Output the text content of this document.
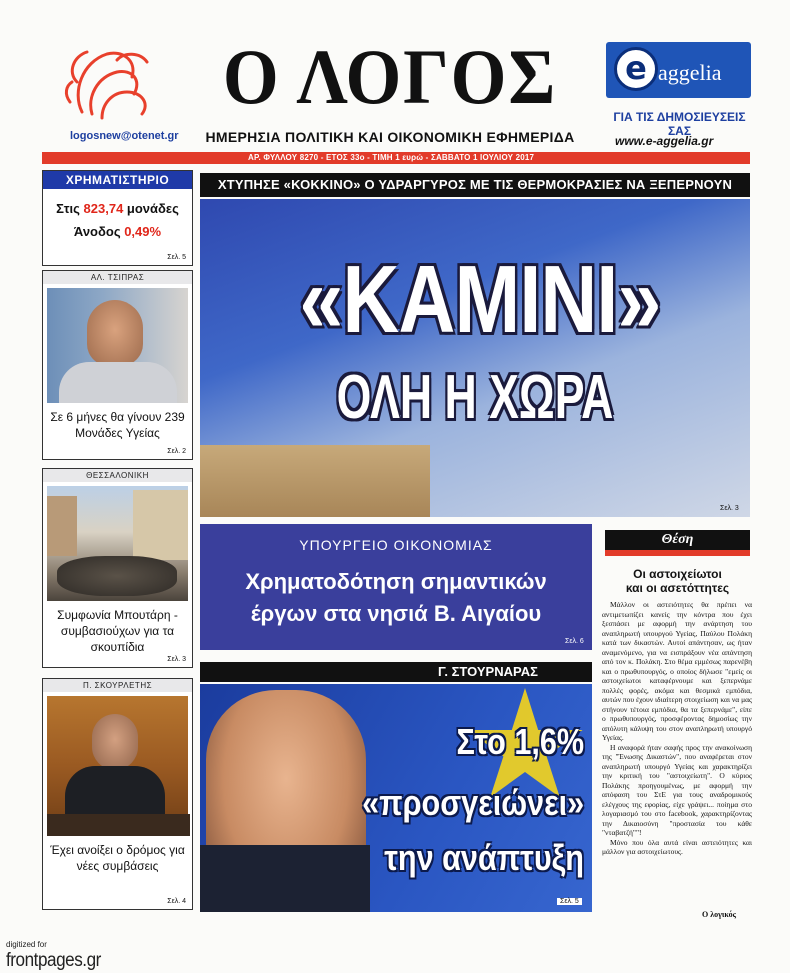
logosnew@otenet.gr
Ο ΛΟΓΟΣ
ΗΜΕΡΗΣΙΑ ΠΟΛΙΤΙΚΗ ΚΑΙ ΟΙΚΟΝΟΜΙΚΗ ΕΦΗΜΕΡΙΔΑ
e aggelia
ΓΙΑ ΤΙΣ ΔΗΜΟΣΙΕΥΣΕΙΣ ΣΑΣ
www.e-aggelia.gr
ΑΡ. ΦΥΛΛΟΥ 8270 - ΕΤΟΣ 33ο - ΤΙΜΗ 1 ευρώ - ΣΑΒΒΑΤΟ 1 ΙΟΥΛΙΟΥ 2017
ΧΡΗΜΑΤΙΣΤΗΡΙΟ
Στις 823,74 μονάδες
Άνοδος 0,49%
Σελ. 5
ΑΛ. ΤΣΙΠΡΑΣ
Σε 6 μήνες θα γίνουν 239 Μονάδες Υγείας
Σελ. 2
ΘΕΣΣΑΛΟΝΙΚΗ
Συμφωνία Μπουτάρη - συμβασιούχων για τα σκουπίδια
Σελ. 3
Π. ΣΚΟΥΡΛΕΤΗΣ
Έχει ανοίξει ο δρόμος για νέες συμβάσεις
Σελ. 4
ΧΤΥΠΗΣΕ «ΚΟΚΚΙΝΟ» Ο ΥΔΡΑΡΓΥΡΟΣ ΜΕ ΤΙΣ ΘΕΡΜΟΚΡΑΣΙΕΣ ΝΑ ΞΕΠΕΡΝΟΥΝ
«ΚΑΜΙΝΙ»
ΟΛΗ Η ΧΩΡΑ
Σελ. 3
ΥΠΟΥΡΓΕΙΟ ΟΙΚΟΝΟΜΙΑΣ
Χρηματοδότηση σημαντικών
έργων στα νησιά Β. Αιγαίου
Σελ. 6
Γ. ΣΤΟΥΡΝΑΡΑΣ
Στο 1,6%
«προσγειώνει»
την ανάπτυξη
Σελ. 5
Θέση
Οι αστοιχείωτοι
και οι ασετόττητες

Μάλλον οι αστειότητες θα πρέπει να αντιμετωπίζει κανείς την κόντρα που έχει ξεσπάσει με αφορμή την ανάρτηση του αναπληρωτή υπουργού Υγείας, Παύλου Πολάκη κατά των δικαστών. Αυτοί απάντησαν, ως ήταν αναμενόμενο, για να εισπράξουν νέα απάντηση από τον κ. Πολάκη. Στο θέμα εμμέσως παρενέβη και ο πρωθυπουργός, ο οποίος δήλωσε "εμείς οι αστοιχείωτοι καταφέρνουμε και ξεπερνάμε πολλές φορές, ακόμα και θεσμικά εμπόδια, αυτών που έχουν ιδιαίτερη στοιχείωση και να μας στήνουν τέτοια εμπόδια, θα τα ξεπερνάμε", είπε ο πρωθυπουργός, προσφέροντας δημοσίως την απόλυτη κάλυψη του στον αναπληρωτή υπουργό Υγείας.

Η αναφορά ήταν σαφής προς την ανακοίνωση της "Ένωσης Δικαστών", που αναφέρεται στον αναπληρωτή υπουργό Υγείας και χαρακτηρίζει την κριτική του "αστοιχείωτη". Ο κύριος Πολάκης προηγουμένως, με αφορμή την απόφαση του ΣτΕ για τους αναδρομικούς ελέγχους της εφορίας, είχε γράψει... ποίημα στο λογαριασμό του στο facebook, χαρακτηρίζοντας την Δικαιοσύνη "προστασία του κάθε "νταβατζή""!

Μόνο που όλα αυτά είναι αστειότητες και μάλλον για αστοιχείωτους.

Ο λογικός
digitized for
frontpages.gr
